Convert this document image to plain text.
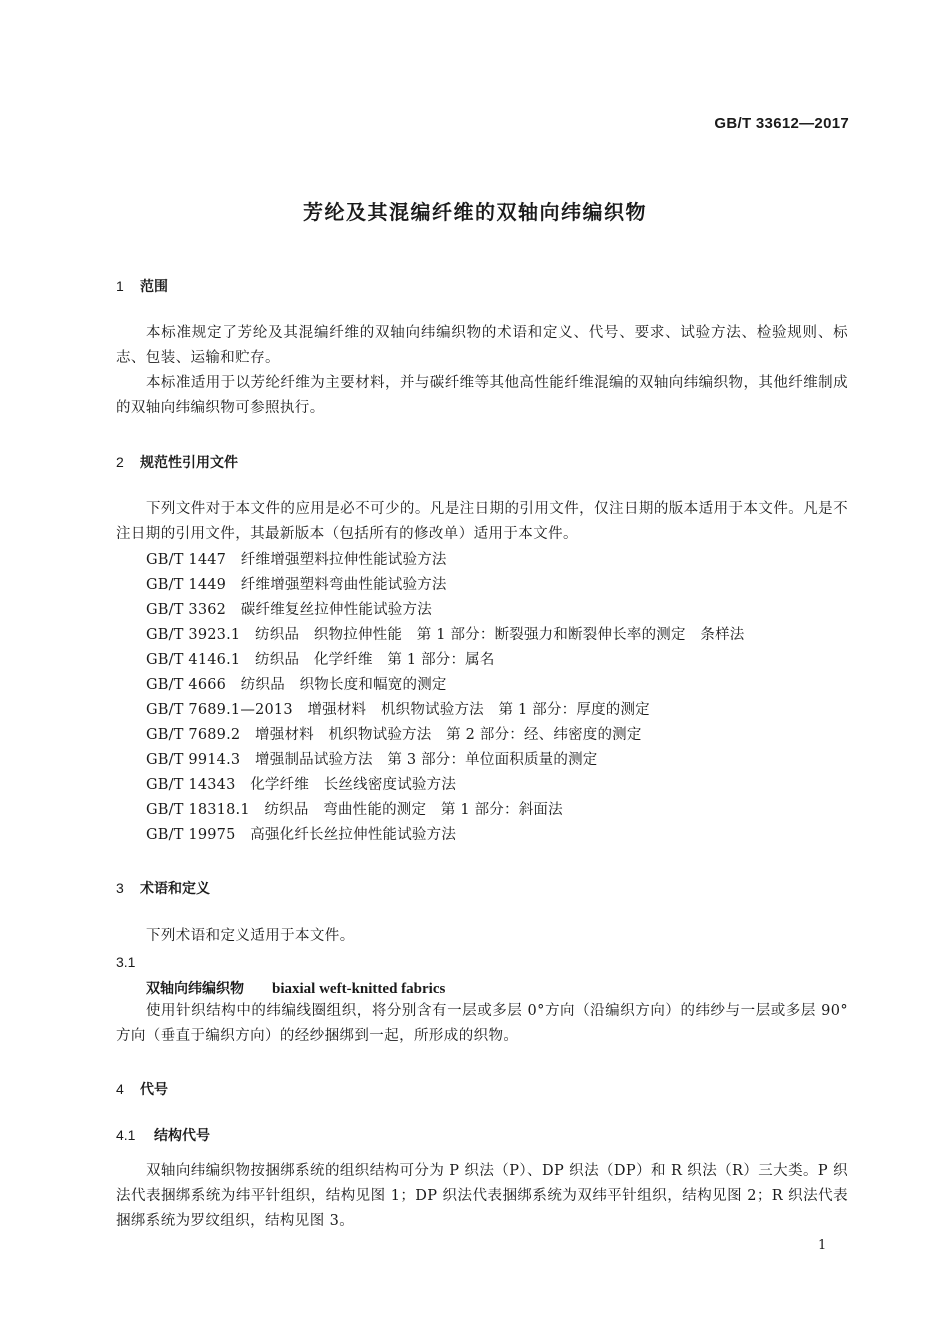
GB/T 33612—2017
芳纶及其混编纤维的双轴向纬编织物
1 范围
本标准规定了芳纶及其混编纤维的双轴向纬编织物的术语和定义、代号、要求、试验方法、检验规则、标志、包装、运输和贮存。
本标准适用于以芳纶纤维为主要材料，并与碳纤维等其他高性能纤维混编的双轴向纬编织物，其他纤维制成的双轴向纬编织物可参照执行。
2 规范性引用文件
下列文件对于本文件的应用是必不可少的。凡是注日期的引用文件，仅注日期的版本适用于本文件。凡是不注日期的引用文件，其最新版本（包括所有的修改单）适用于本文件。
GB/T 1447　纤维增强塑料拉伸性能试验方法
GB/T 1449　纤维增强塑料弯曲性能试验方法
GB/T 3362　碳纤维复丝拉伸性能试验方法
GB/T 3923.1　纺织品　织物拉伸性能　第 1 部分：断裂强力和断裂伸长率的测定　条样法
GB/T 4146.1　纺织品　化学纤维　第 1 部分：属名
GB/T 4666　纺织品　织物长度和幅宽的测定
GB/T 7689.1—2013　增强材料　机织物试验方法　第 1 部分：厚度的测定
GB/T 7689.2　增强材料　机织物试验方法　第 2 部分：经、纬密度的测定
GB/T 9914.3　增强制品试验方法　第 3 部分：单位面积质量的测定
GB/T 14343　化学纤维　长丝线密度试验方法
GB/T 18318.1　纺织品　弯曲性能的测定　第 1 部分：斜面法
GB/T 19975　高强化纤长丝拉伸性能试验方法
3 术语和定义
下列术语和定义适用于本文件。
3.1
双轴向纬编织物　　 biaxial weft-knitted fabrics
使用针织结构中的纬编线圈组织，将分别含有一层或多层 0°方向（沿编织方向）的纬纱与一层或多层 90°方向（垂直于编织方向）的经纱捆绑到一起，所形成的织物。
4 代号
4.1 结构代号
双轴向纬编织物按捆绑系统的组织结构可分为 P 织法（P）、DP 织法（DP）和 R 织法（R）三大类。P 织法代表捆绑系统为纬平针组织，结构见图 1；DP 织法代表捆绑系统为双纬平针组织，结构见图 2；R 织法代表捆绑系统为罗纹组织，结构见图 3。
1
